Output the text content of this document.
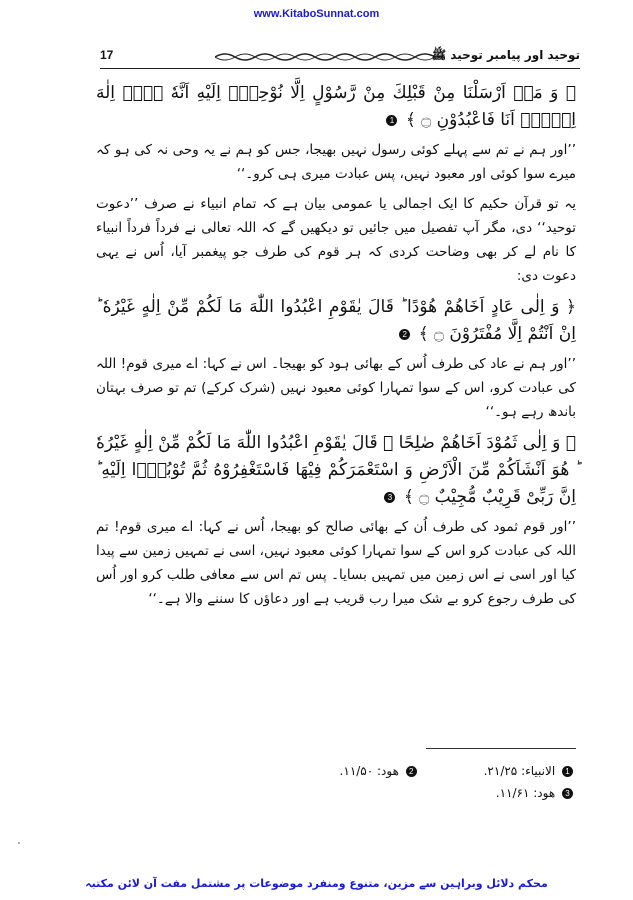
www.KitaboSunnat.com
17	توحید اور پیامبر توحید ﷺ

﴿ وَ مَاۤ اَرْسَلْنَا مِنْ قَبْلِكَ مِنْ رَّسُوْلٍ اِلَّا نُوْحِیْۤ اِلَیْهِ اَنَّهٗ لَاۤ اِلٰهَ اِلَّاۤ اَنَا فَاعْبُدُوْنِ ۝ ﴾ 1

’’اور ہم نے تم سے پہلے کوئی رسول نہیں بھیجا، جس کو ہم نے یہ وحی نہ کی ہو کہ میرے سوا کوئی اور معبود نہیں، پس عبادت میری ہی کرو۔‘‘

یہ تو قرآن حکیم کا ایک اجمالی یا عمومی بیان ہے کہ تمام انبیاء نے صرف ’’دعوت توحید‘‘ دی، مگر آپ تفصیل میں جائیں تو دیکھیں گے کہ اللہ تعالی نے فرداً فرداً انبیاء کا نام لے کر بھی وضاحت کردی کہ ہر قوم کی طرف جو پیغمبر آیا، اُس نے یہی دعوت دی:

﴿ وَ اِلٰى عَادٍ اَخَاهُمْ هُوْدًا ؕ قَالَ یٰقَوْمِ اعْبُدُوا اللّٰهَ مَا لَكُمْ مِّنْ اِلٰهٍ غَیْرُهٗ ؕ اِنْ اَنْتُمْ اِلَّا مُفْتَرُوْنَ ۝ ﴾ 2

’’اور ہم نے عاد کی طرف اُس کے بھائی ہود کو بھیجا۔ اس نے کہا: اے میری قوم! اللہ کی عبادت کرو، اس کے سوا تمہارا کوئی معبود نہیں (شرک کرکے) تم تو صرف بہتان باندھ رہے ہو۔‘‘

﴿ وَ اِلٰى ثَمُوْدَ اَخَاهُمْ صٰلِحًا ۘ قَالَ یٰقَوْمِ اعْبُدُوا اللّٰهَ مَا لَكُمْ مِّنْ اِلٰهٍ غَیْرُهٗ ؕ هُوَ اَنْشَاَكُمْ مِّنَ الْاَرْضِ وَ اسْتَعْمَرَكُمْ فِیْهَا فَاسْتَغْفِرُوْهُ ثُمَّ تُوْبُوْۤا اِلَیْهِ ؕ اِنَّ رَبِّیْ قَرِیْبٌ مُّجِیْبٌ ۝ ﴾ 3

’’اور قوم ثمود کی طرف اُن کے بھائی صالح کو بھیجا، اُس نے کہا: اے میری قوم! تم اللہ کی عبادت کرو اس کے سوا تمہارا کوئی معبود نہیں، اسی نے تمہیں زمین سے پیدا کیا اور اسی نے اس زمین میں تمہیں بسایا۔ پس تم اس سے معافی طلب کرو اور اُس کی طرف رجوع کرو بے شک میرا رب قریب ہے اور دعاؤں کا سننے والا ہے۔‘‘

1 الانبیاء: ۲۱/۲۵. 2 ھود: ۱۱/۵۰.
3 ھود: ۱۱/۶۱.
محکم دلائل وبراہین سے مزین، متنوع ومنفرد موضوعات پر مشتمل مفت آن لائن مکتبہ
